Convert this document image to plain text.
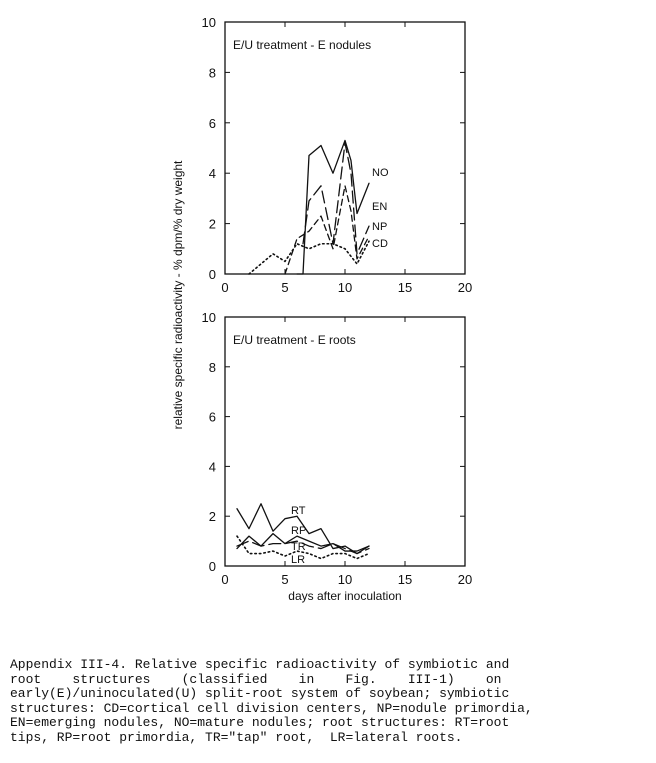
0	5	10	15	20
0
2
4
6
8
10
E/U treatment - E nodules
NO
EN
NP
CD
0	5	10	15	20
0
2
4
6
8
10
E/U treatment - E roots
RT
RP
TR
LR
days after inoculation
relative specific radioactivity - % dpm/% dry weight
Appendix III-4. Relative specific radioactivity of symbiotic and
root    structures    (classified    in    Fig.    III-1)    on
early(E)/uninoculated(U) split-root system of soybean; symbiotic
structures: CD=cortical cell division centers, NP=nodule primordia,
EN=emerging nodules, NO=mature nodules; root structures: RT=root
tips, RP=root primordia, TR="tap" root,  LR=lateral roots.
